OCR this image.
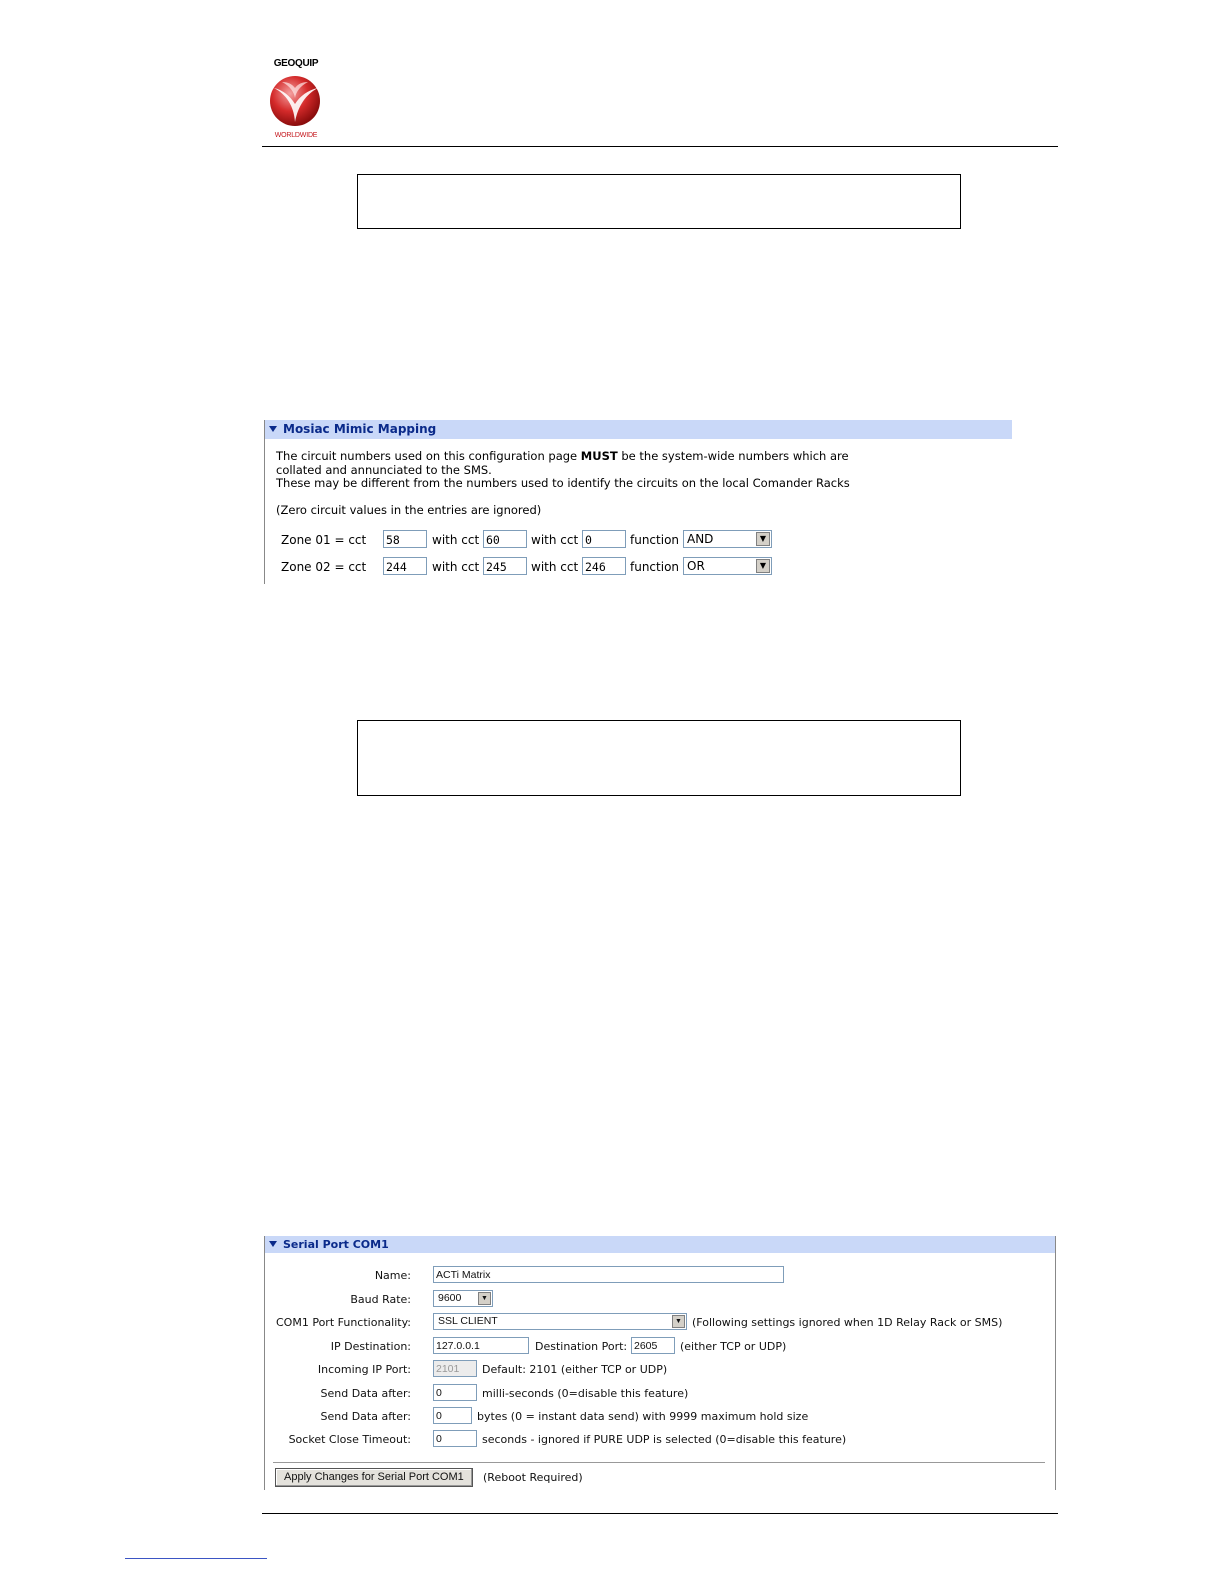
GEOQUIP
WORLDWIDE
Mosiac Mimic Mapping
The circuit numbers used on this configuration page MUST be the system-wide numbers which are
collated and annunciated to the SMS.
These may be different from the numbers used to identify the circuits on the local Comander Racks
(Zero circuit values in the entries are ignored)
Zone 01 = cct 58	with cct 60	with cct 0	function AND	▼
Zone 02 = cct 244	with cct 245	with cct 246	function OR	▼
Serial Port COM1
Name: ACTi Matrix
Baud Rate:	9600	▼
COM1 Port Functionality:	SSL CLIENT	▼ (Following settings ignored when 1D Relay Rack or SMS)
IP Destination: 127.0.0.1	Destination Port: 2605	(either TCP or UDP)
Incoming IP Port: 2101	Default: 2101 (either TCP or UDP)
Send Data after: 0	milli-seconds (0=disable this feature)
Send Data after: 0	bytes (0 = instant data send) with 9999 maximum hold size
Socket Close Timeout: 0	seconds - ignored if PURE UDP is selected (0=disable this feature)
Apply Changes for Serial Port COM1	(Reboot Required)
